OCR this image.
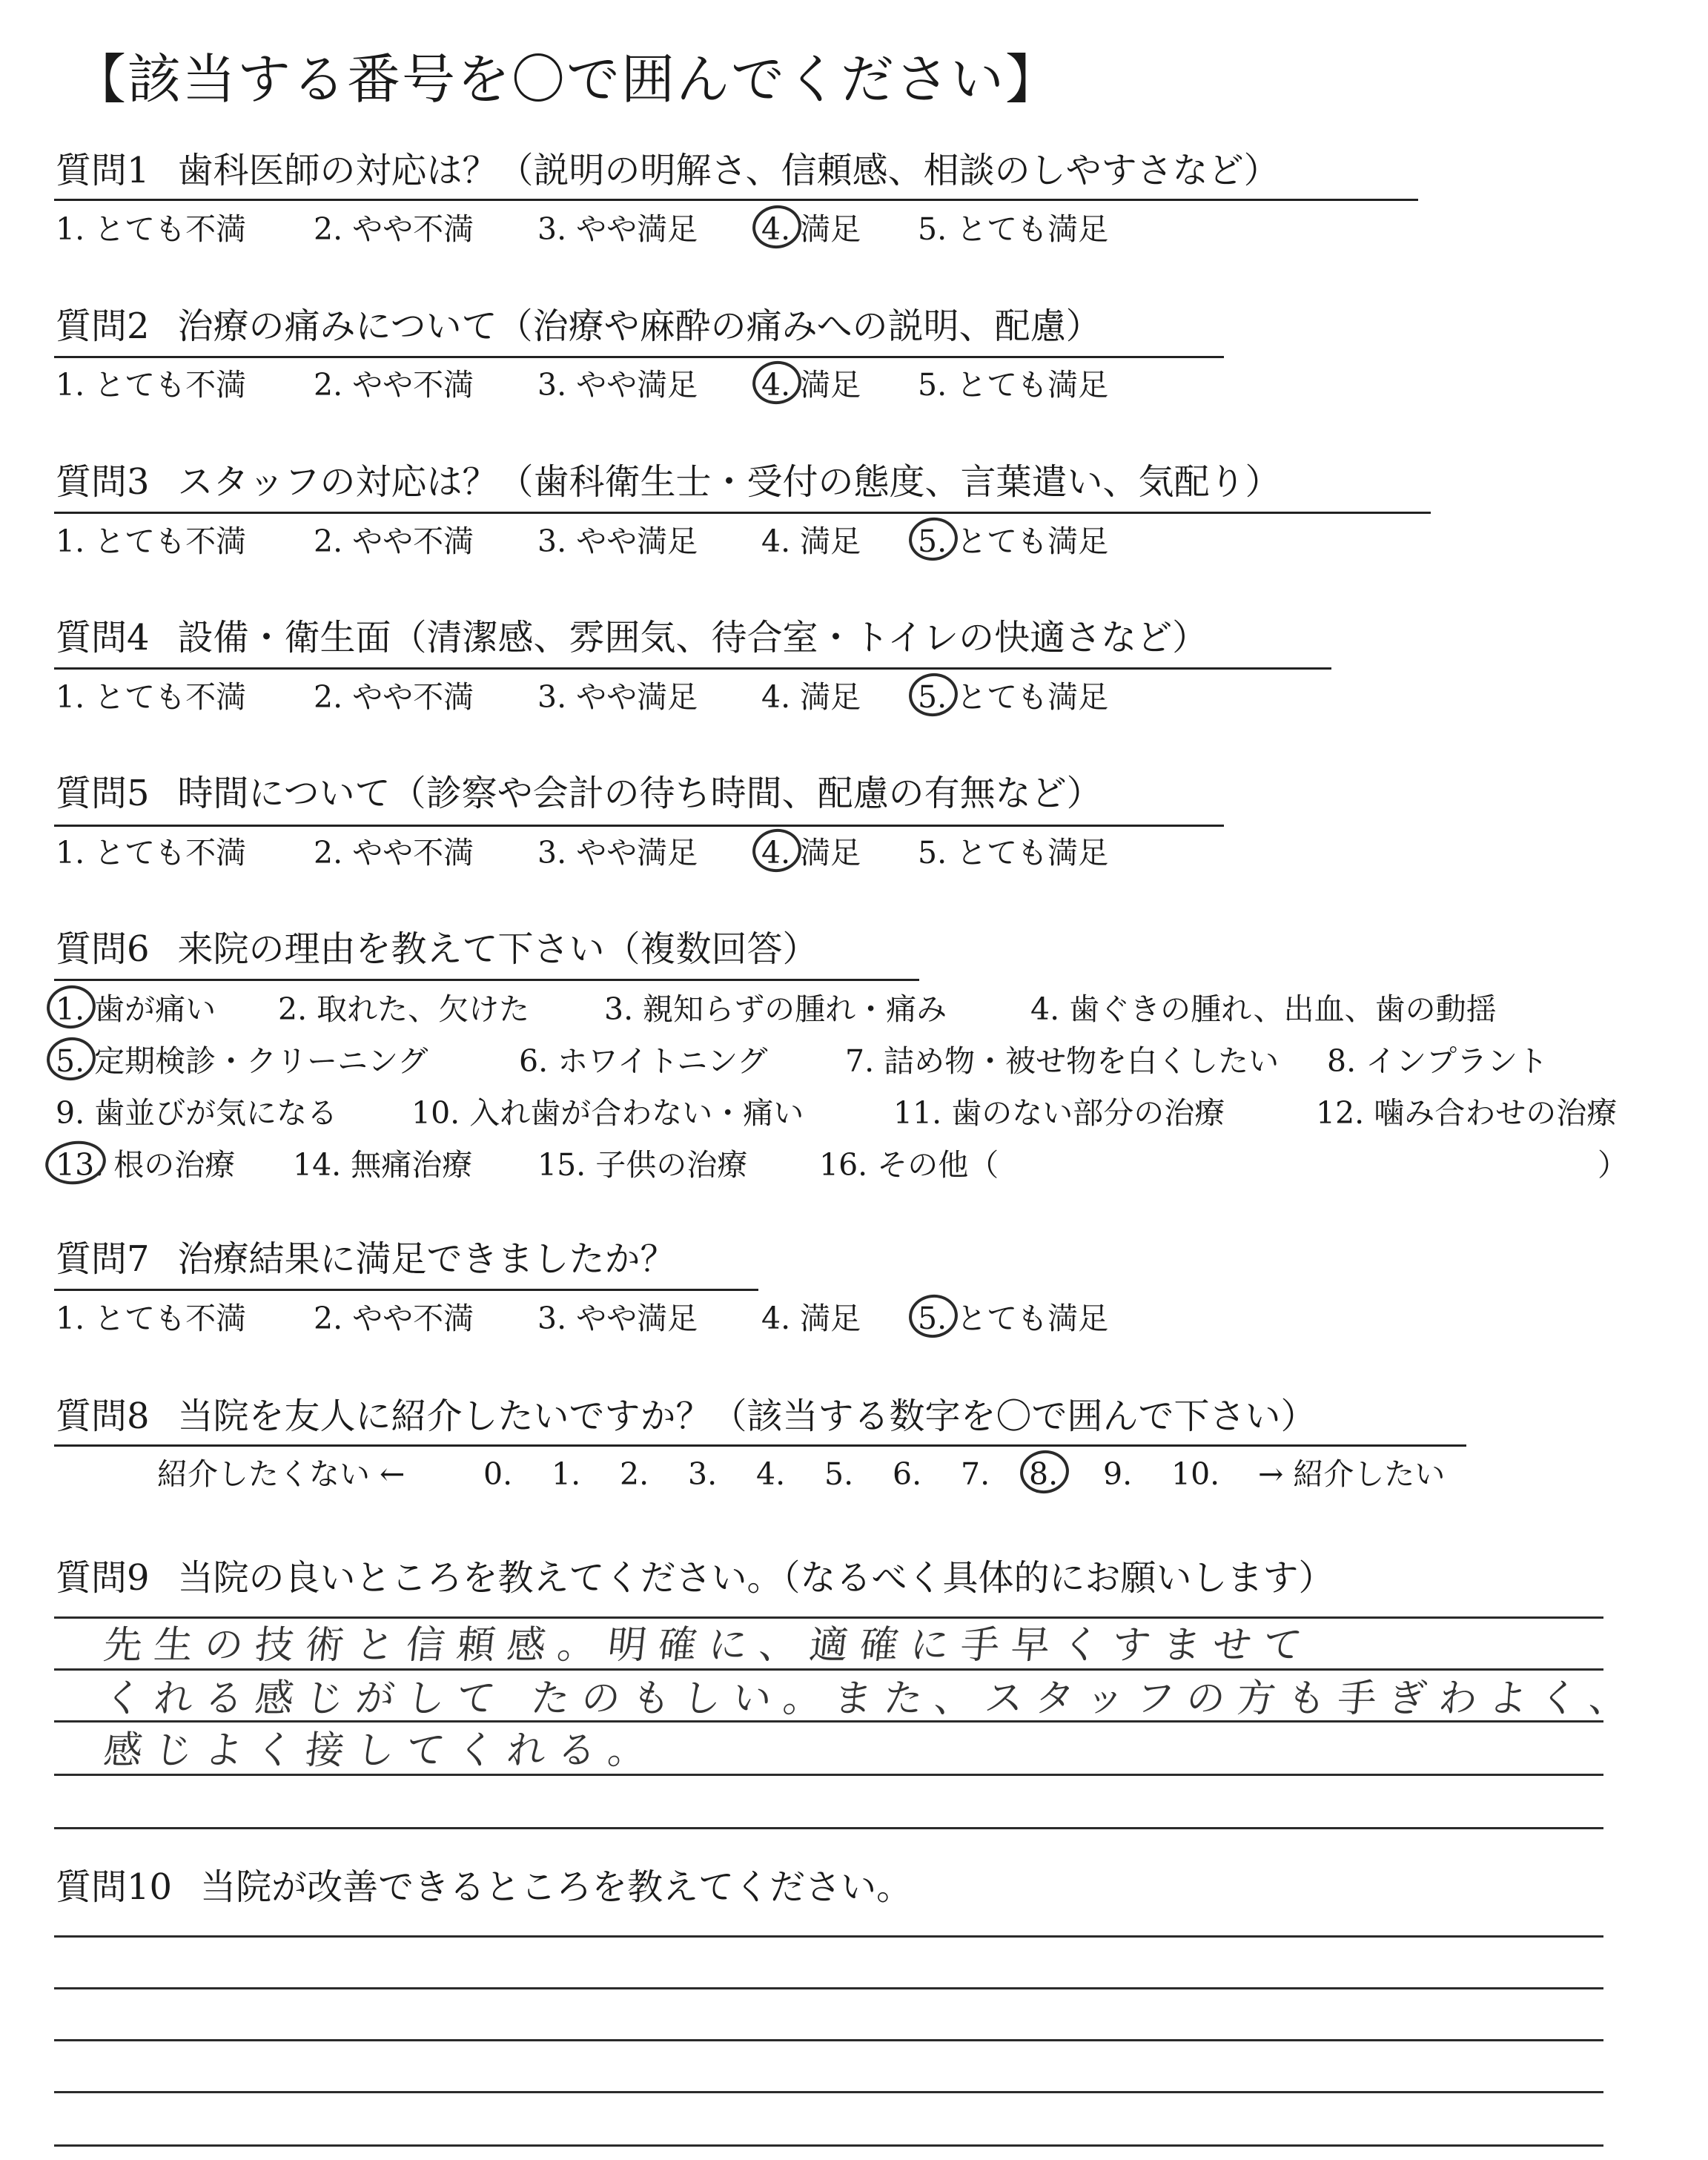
【該当する番号を〇で囲んでください】
質問1 歯科医師の対応は？（説明の明解さ、信頼感、相談のしやすさなど）
1. とても不満 2. やや不満 3. やや満足 4. 満足 5. とても満足
質問2 治療の痛みについて（治療や麻酔の痛みへの説明、配慮）
1. とても不満 2. やや不満 3. やや満足 4. 満足 5. とても満足
質問3 スタッフの対応は？（歯科衛生士・受付の態度、言葉遣い、気配り）
1. とても不満 2. やや不満 3. やや満足 4. 満足 5. とても満足
質問4 設備・衛生面（清潔感、雰囲気、待合室・トイレの快適さなど）
1. とても不満 2. やや不満 3. やや満足 4. 満足 5. とても満足
質問5 時間について（診察や会計の待ち時間、配慮の有無など）
1. とても不満 2. やや不満 3. やや満足 4. 満足 5. とても満足
質問6 来院の理由を教えて下さい（複数回答）
1. 歯が痛い 2. 取れた、欠けた 3. 親知らずの腫れ・痛み	4. 歯ぐきの腫れ、出血、歯の動揺
5. 定期検診・クリーニング	6. ホワイトニング	7. 詰め物・被せ物を白くしたい 8. インプラント
9. 歯並びが気になる 10. 入れ歯が合わない・痛い	11. 歯のない部分の治療	12. 噛み合わせの治療
13. 根の治療 14. 無痛治療 15. 子供の治療 16. その他（	）
質問7 治療結果に満足できましたか？
1. とても不満 2. やや不満 3. やや満足 4. 満足 5. とても満足
質問8 当院を友人に紹介したいですか？（該当する数字を〇で囲んで下さい）
紹介したくない ←	0. 1. 2. 3. 4. 5. 6. 7. 8. 9. 10. → 紹介したい
質問9 当院の良いところを教えてください。（なるべく具体的にお願いします）
先生の技術と信頼感。明確に、適確に手早くすませて
くれる感じがして たのもしい。また、スタッフの方も手ぎわよく、
感じよく接してくれる。
質問10 当院が改善できるところを教えてください。
